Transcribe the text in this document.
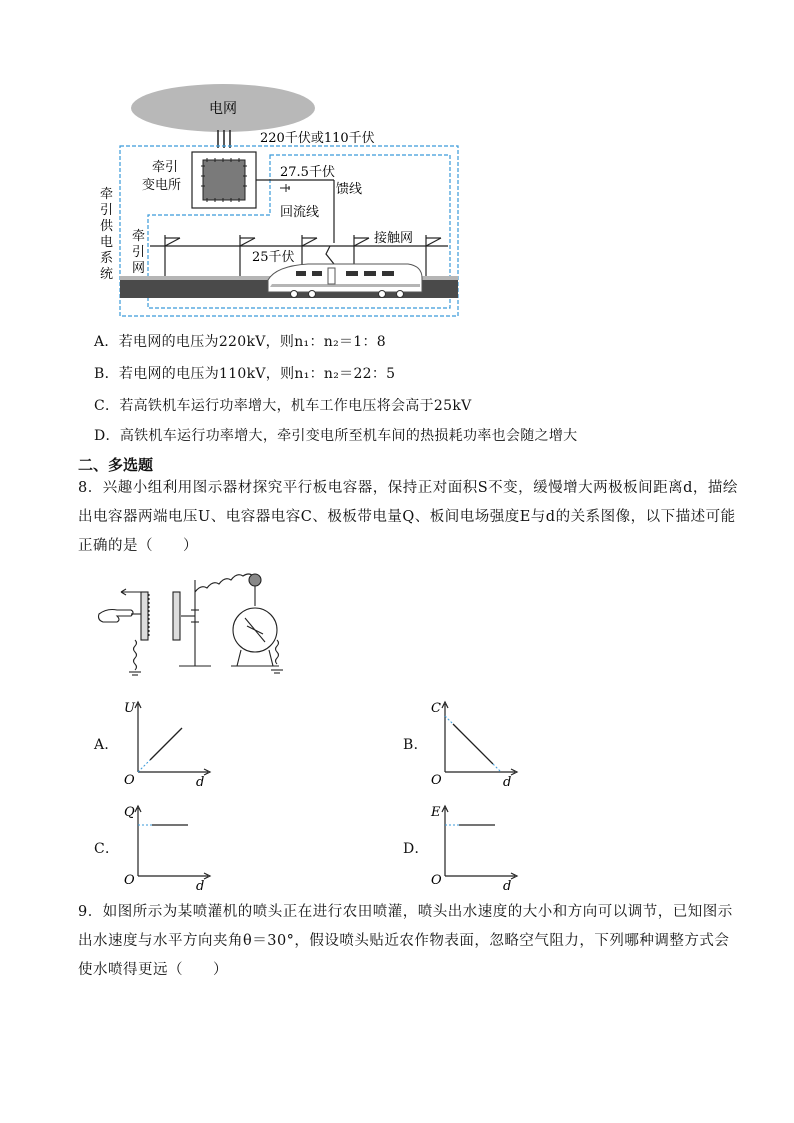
电网
220千伏或110千伏
牵引
变电所
27.5千伏
馈线
回流线
牵
引
供
电
系
统
牵
引
网
接触网
25千伏
A．若电网的电压为220kV，则n₁：n₂＝1：8
B．若电网的电压为110kV，则n₁：n₂＝22：5
C．若高铁机车运行功率增大，机车工作电压将会高于25kV
D．高铁机车运行功率增大，牵引变电所至机车间的热损耗功率也会随之增大
二、多选题
8．兴趣小组利用图示器材探究平行板电容器，保持正对面积S不变，缓慢增大两极板间距离d，描绘出电容器两端电压U、电容器电容C、极板带电量Q、板间电场强度E与d的关系图像，以下描述可能正确的是（　　）
A．
U
d
O
B．
C
d
O
C．
Q
d
O
D．
E
d
O
9．如图所示为某喷灌机的喷头正在进行农田喷灌，喷头出水速度的大小和方向可以调节，已知图示出水速度与水平方向夹角θ＝30°，假设喷头贴近农作物表面，忽略空气阻力，下列哪种调整方式会使水喷得更远（　　）
